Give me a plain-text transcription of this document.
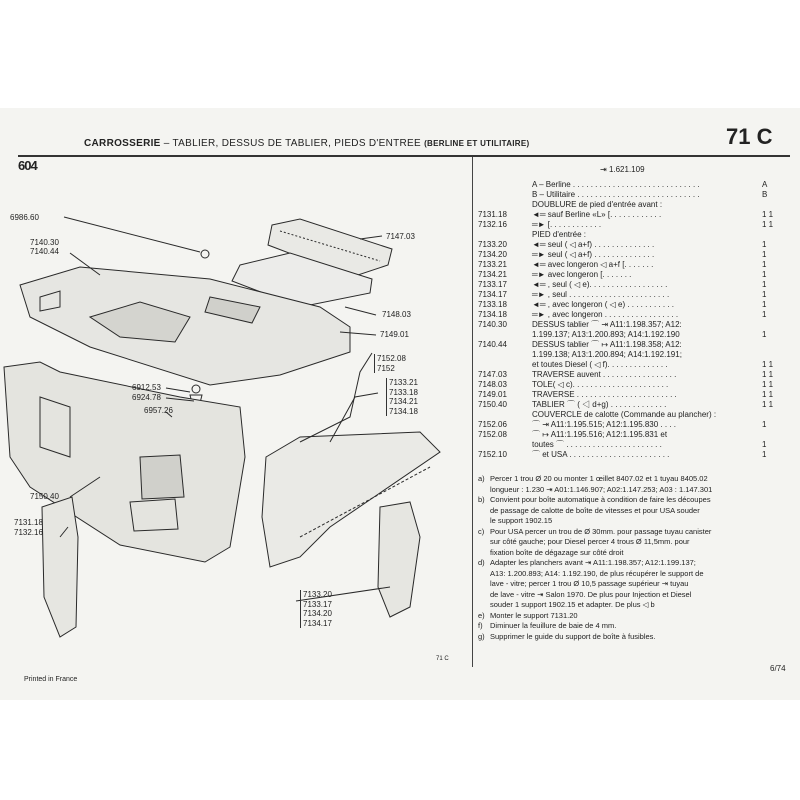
CARROSSERIE – TABLIER, DESSUS DE TABLIER, PIEDS D'ENTREE (BERLINE ET UTILITAIRE)	71 C
604
6986.60
7140.30
7140.44
7147.03
7148.03
7149.01
6912.53
6924.78
6957.26
7150.40
7131.18
7132.16
7152.08
7152
7133.21
7133.18
7134.21
7134.18
7133.20
7133.17
7134.20
7134.17
⇥ 1.621.109
A – Berline . . . . . . . . . . . . . . . . . . . . . . . . . . . . .	A
B – Utilitaire . . . . . . . . . . . . . . . . . . . . . . . . . . . .	B
DOUBLURE de pied d'entrée avant :
7131.18	◄═ sauf Berline «L» [. . . . . . . . . . . .	1 1
7132.16	═► [. . . . . . . . . . . .	1 1
PIED d'entrée :
7133.20	◄═ seul ( ◁ a+f) . . . . . . . . . . . . . .	1
7134.20	═► seul ( ◁ a+f) . . . . . . . . . . . . . .	1
7133.21	◄═ avec longeron ◁ a+f [. . . . . . .	1
7134.21	═► avec longeron [. . . . . . .	1
7133.17	◄═ , seul ( ◁ e). . . . . . . . . . . . . . . . . .	1
7134.17	═► , seul . . . . . . . . . . . . . . . . . . . . . . .	1
7133.18	◄═ , avec longeron ( ◁ e) . . . . . . . . . . .	1
7134.18	═► , avec longeron . . . . . . . . . . . . . . . . .	1
7140.30	DESSUS tablier ⌒ ⇥ A11:1.198.357; A12:
1.199.137; A13:1.200.893; A14:1.192.190	1
7140.44	DESSUS tablier ⌒ ↦ A11:1.198.358; A12:
1.199.138; A13:1.200.894; A14:1.192.191;
et toutes Diesel ( ◁ f). . . . . . . . . . . . . .	1 1
7147.03	TRAVERSE auvent . . . . . . . . . . . . . . . . .	1 1
7148.03	TOLE( ◁ c). . . . . . . . . . . . . . . . . . . . . .	1 1
7149.01	TRAVERSE . . . . . . . . . . . . . . . . . . . . . . .	1 1
7150.40	TABLIER ⌒ ( ◁ d+g) . . . . . . . . . . . . .	1 1
COUVERCLE de calotte (Commande au plancher) :
7152.06	⌒ ⇥ A11:1.195.515; A12:1.195.830 . . . .	1
7152.08	⌒ ↦ A11:1.195.516; A12:1.195.831 et
toutes ⌒ . . . . . . . . . . . . . . . . . . . . . .	1
7152.10	⌒ et USA . . . . . . . . . . . . . . . . . . . . . . .	1
a) Percer 1 trou Ø 20 ou monter 1 œillet 8407.02 et 1 tuyau 8405.02
longueur : 1.230 ⇥ A01:1.146.907; A02:1.147.253; A03 : 1.147.301
b) Convient pour boîte automatique à condition de faire les découpes
de passage de calotte de boîte de vitesses et pour USA souder
le support 1902.15
c) Pour USA percer un trou de Ø 30mm. pour passage tuyau canister
sur côté gauche; pour Diesel percer 4 trous Ø 11,5mm. pour
fixation boîte de dégazage sur côté droit
d) Adapter les planchers avant ⇥ A11:1.198.357; A12:1.199.137;
A13: 1.200.893; A14: 1.192.190, de plus récupérer le support de
lave - vitre; percer 1 trou Ø 10,5 passage supérieur ⇥ tuyau
de lave - vitre ⇥ Salon 1970. De plus pour Injection et Diesel
souder 1 support 1902.15 et adapter. De plus ◁ b
e) Monter le support 7131.20
f) Diminuer la feuillure de baie de 4 mm.
g) Supprimer le guide du support de boîte à fusibles.
Printed in France
71 C
6/74
